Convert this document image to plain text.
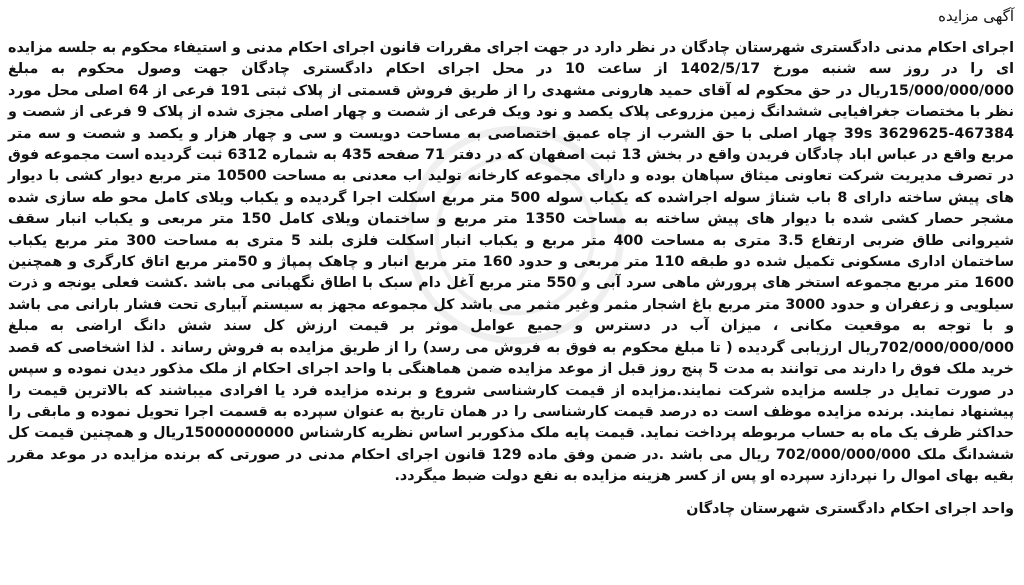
آگهی مزایده

اجرای احکام مدنی دادگستری شهرستان چادگان در نظر دارد در جهت اجرای مقررات قانون اجرای احکام مدنی و استیفاء محکوم به جلسه مزایده ای را در روز سه شنبه مورخ 1402/5/17 از ساعت 10 در محل اجرای احکام دادگستری چادگان جهت وصول محکوم به مبلغ 15/000/000/000ریال در حق محکوم له آقای حمید هارونی مشهدی را از طریق فروش قسمتی از پلاک ثبتی 191 فرعی از 64 اصلی محل مورد نظر با مختصات جغرافیایی ششدانگ زمین مزروعی پلاک یکصد و نود ویک فرعی از شصت و چهار اصلی مجزی شده از پلاک 9 فرعی از شصت و 467384-3629625 39s چهار اصلی با حق الشرب از چاه عمیق اختصاصی به مساحت دویست و سی و چهار هزار و یکصد و شصت و سه متر مربع واقع در عباس اباد چادگان فریدن واقع در بخش 13 ثبت اصفهان که در دفتر 71 صفحه 435 به شماره 6312 ثبت گردیده است مجموعه فوق در تصرف مدیریت شرکت تعاونی میثاق سپاهان بوده و دارای مجموعه کارخانه تولید اب معدنی به مساحت 10500 متر مربع دیوار کشی با دیوار های پیش ساخته دارای 8 باب شناژ سوله اجراشده که یکباب سوله 500 متر مربع اسکلت اجرا گردیده و یکباب ویلای کامل محو طه سازی شده مشجر حصار کشی شده با دیوار های پیش ساخته به مساحت 1350 متر مربع و ساختمان ویلای کامل 150 متر مربعی و یکباب انبار سقف شیروانی طاق ضربی ارتفاع 3.5 متری به مساحت 400 متر مربع و یکباب انبار اسکلت فلزی بلند 5 متری به مساحت 300 متر مربع یکباب ساختمان اداری مسکونی تکمیل شده دو طبقه 110 متر مربعی و حدود 160 متر مربع انبار و چاهک پمپاژ و 50متر مربع اتاق کارگری و همچنین 1600 متر مربع مجموعه استخر های پرورش ماهی سرد آبی و 550 متر مربع آغل دام سبک با اطاق نگهبانی می باشد .کشت فعلی یونجه و ذرت سیلویی و زعفران و حدود 3000 متر مربع باغ اشجار مثمر وغیر مثمر می باشد کل مجموعه مجهز به سیستم آبیاری تحت فشار بارانی می باشد و با توجه به موقعیت مکانی ، میزان آب در دسترس و جمیع عوامل موثر بر قیمت ارزش کل سند شش دانگ اراضی به مبلغ 702/000/000/000ریال ارزیابی گردیده ( تا مبلغ محکوم به فوق به فروش می رسد) را از طریق مزایده به فروش رساند . لذا اشخاصی که قصد خرید ملک فوق را دارند می توانند به مدت 5 پنج روز قبل از موعد مزایده ضمن هماهنگی با واحد اجرای احکام از ملک مذکور دیدن نموده و سپس در صورت تمایل در جلسه مزایده شرکت نمایند.مزایده از قیمت کارشناسی شروع و برنده مزایده فرد یا افرادی میباشند که بالاترین قیمت را پیشنهاد نمایند. برنده مزایده موظف است ده درصد قیمت کارشناسی را در همان تاریخ به عنوان سپرده به قسمت اجرا تحویل نموده و مابقی را حداکثر ظرف یک ماه به حساب مربوطه پرداخت نماید. قیمت پایه ملک مذکوربر اساس نظریه کارشناس 15000000000ریال و همچنین قیمت کل ششدانگ ملک 702/000/000/000 ریال می باشد .در ضمن وفق ماده 129 قانون اجرای احکام مدنی در صورتی که برنده مزایده در موعد مقرر بقیه بهای اموال را نپردازد سپرده او پس از کسر هزینه مزایده به نفع دولت ضبط میگردد.

واحد اجرای احکام دادگستری شهرستان چادگان
